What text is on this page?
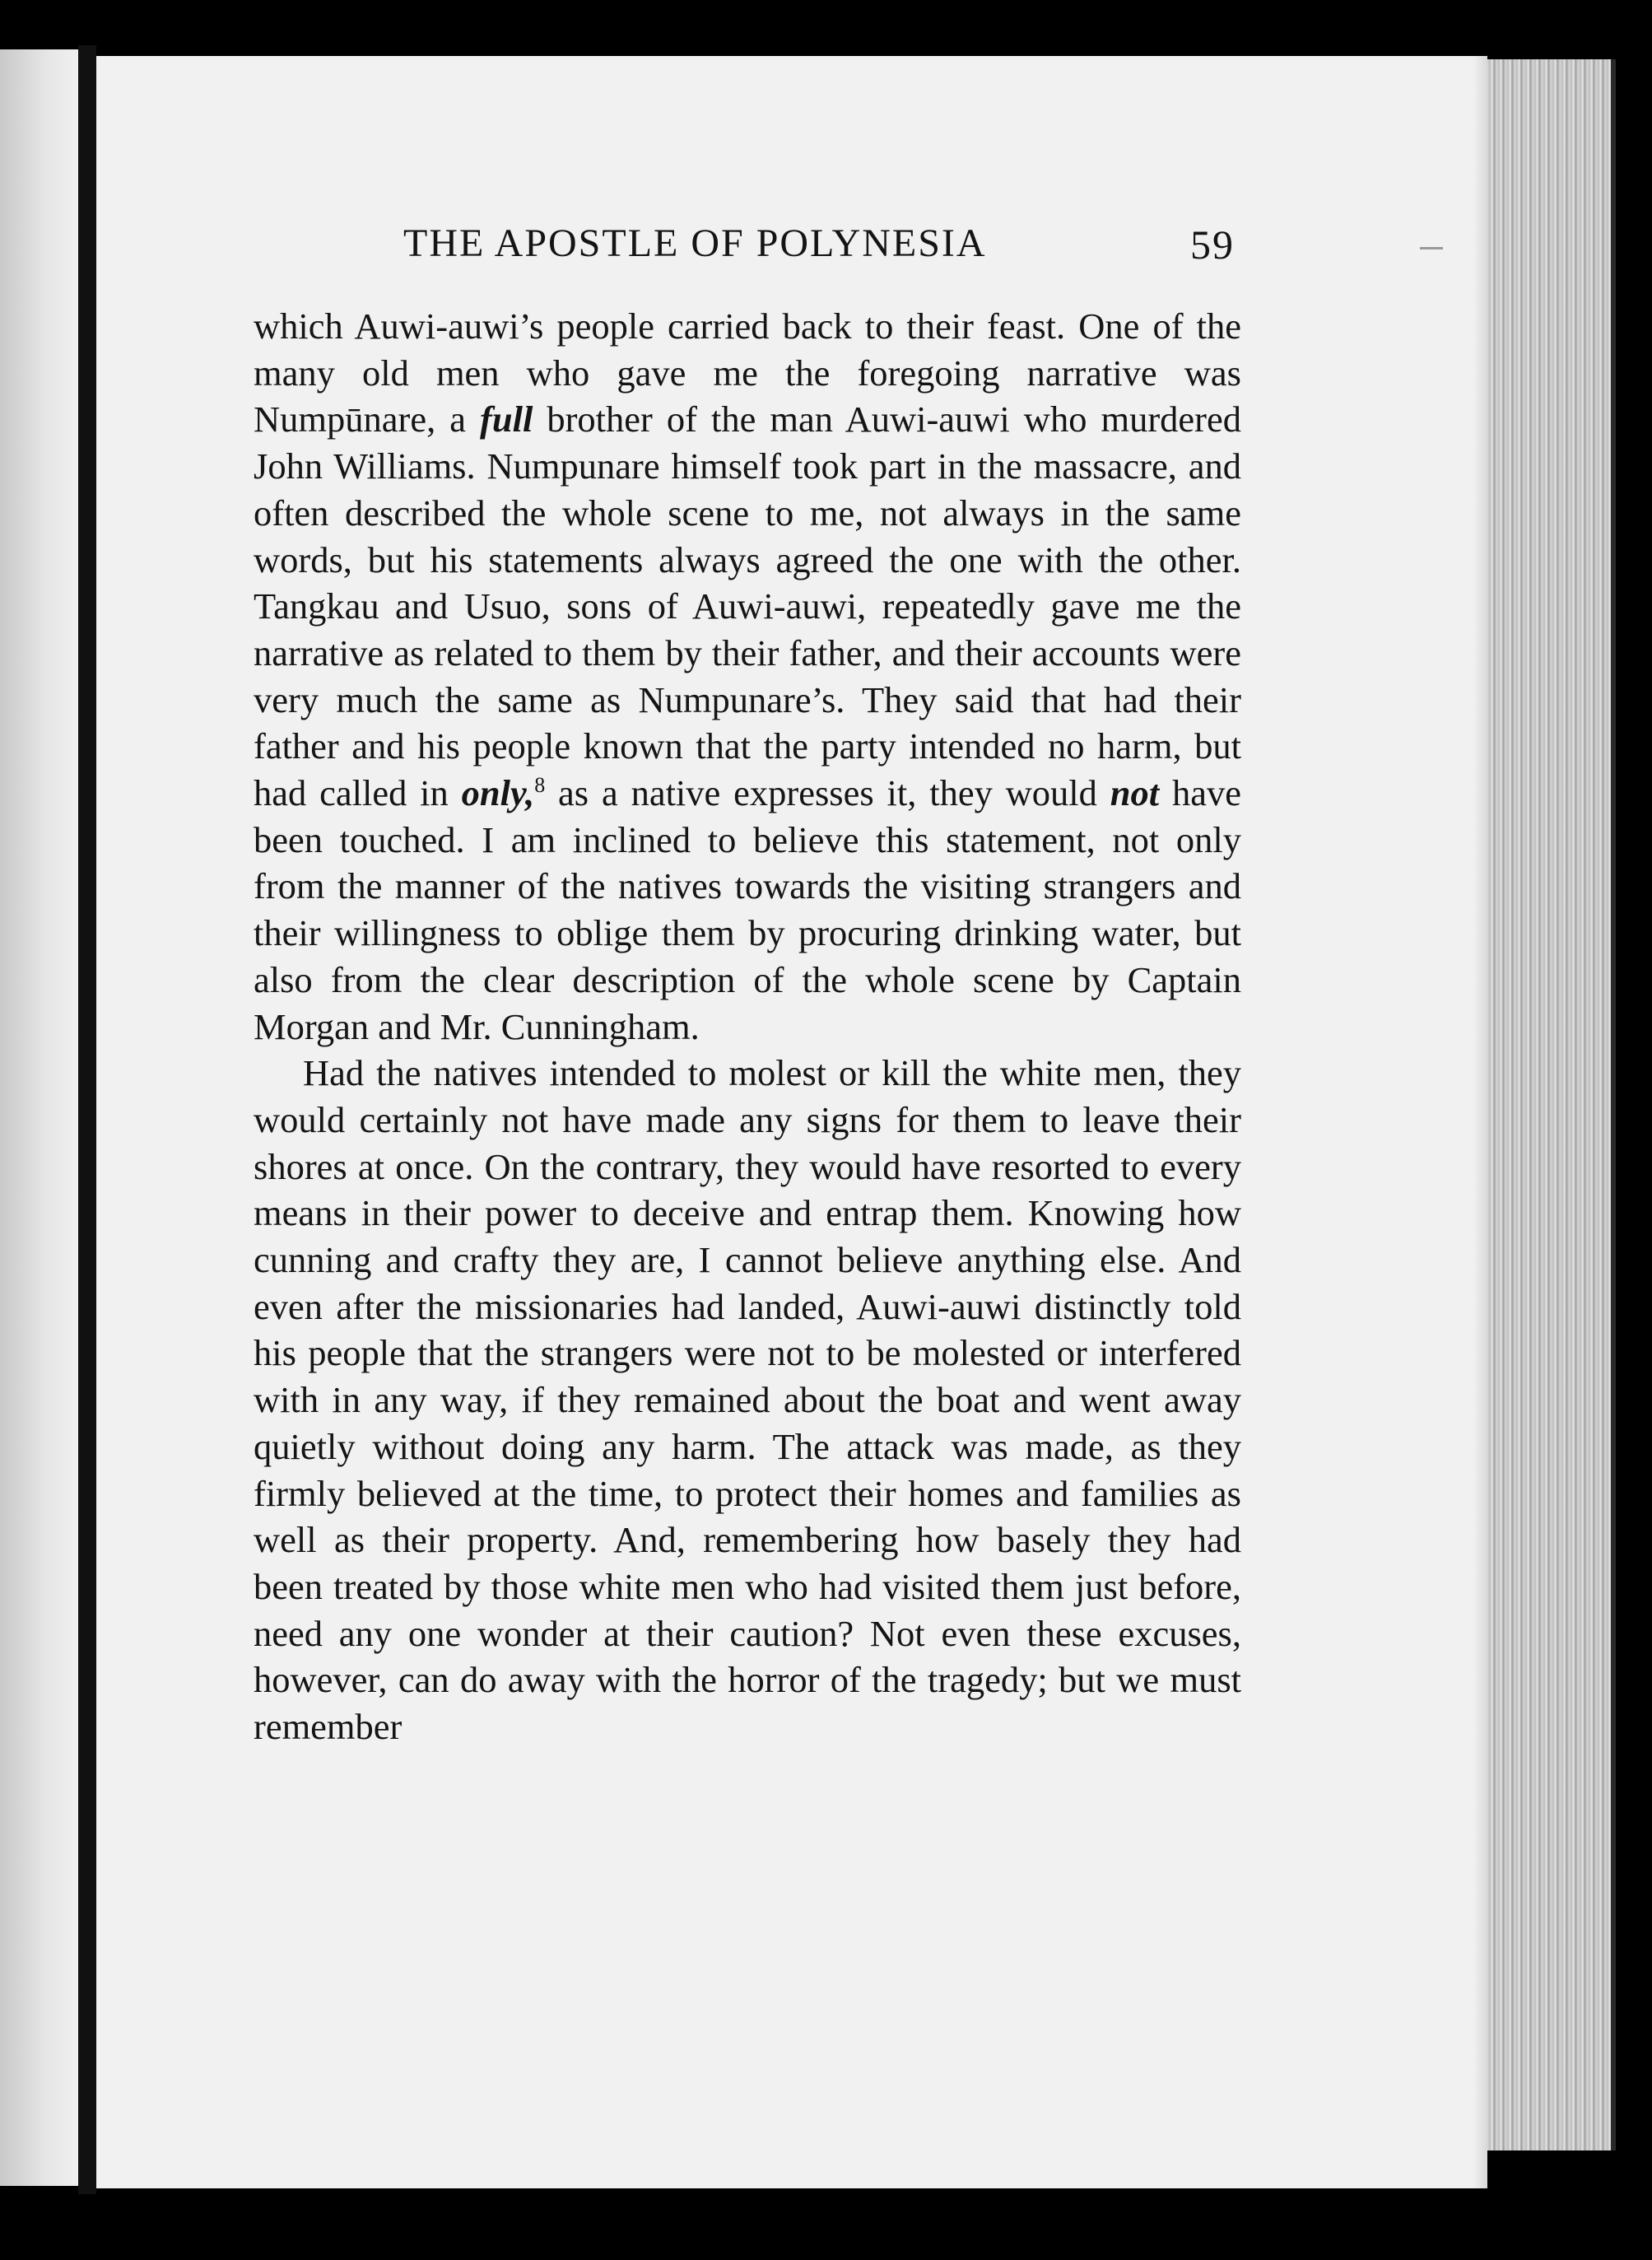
THE APOSTLE OF POLYNESIA	59

which Auwi-auwi’s people carried back to their feast. One of the many old men who gave me the foregoing narrative was Numpūnare, a full brother of the man Auwi-auwi who murdered John Williams. Numpunare himself took part in the massacre, and often described the whole scene to me, not always in the same words, but his statements always agreed the one with the other. Tangkau and Usuo, sons of Auwi-auwi, repeatedly gave me the narrative as related to them by their father, and their accounts were very much the same as Numpunare’s. They said that had their father and his people known that the party intended no harm, but had called in only,$^8$ as a native expresses it, they would not have been touched. I am inclined to believe this statement, not only from the manner of the natives towards the visiting strangers and their willingness to oblige them by procuring drinking water, but also from the clear description of the whole scene by Captain Morgan and Mr. Cunningham.

Had the natives intended to molest or kill the white men, they would certainly not have made any signs for them to leave their shores at once. On the contrary, they would have resorted to every means in their power to deceive and entrap them. Knowing how cunning and crafty they are, I cannot believe anything else. And even after the missionaries had landed, Auwi-auwi distinctly told his people that the strangers were not to be molested or interfered with in any way, if they remained about the boat and went away quietly without doing any harm. The attack was made, as they firmly believed at the time, to protect their homes and families as well as their property. And, remembering how basely they had been treated by those white men who had visited them just before, need any one wonder at their caution? Not even these excuses, however, can do away with the horror of the tragedy; but we must remember
